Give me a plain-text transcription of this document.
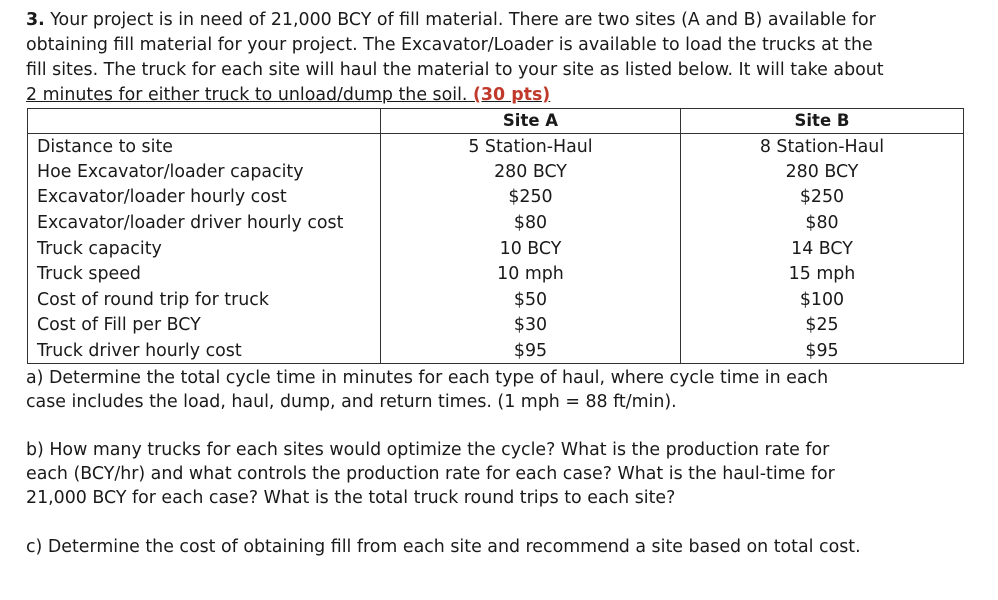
3. Your project is in need of 21,000 BCY of fill material. There are two sites (A and B) available for
obtaining fill material for your project. The Excavator/Loader is available to load the trucks at the
fill sites. The truck for each site will haul the material to your site as listed below. It will take about
2 minutes for either truck to unload/dump the soil. (30 pts)

	Site A	Site B
Distance to site	5 Station-Haul	8 Station-Haul
Hoe Excavator/loader capacity	280 BCY	280 BCY
Excavator/loader hourly cost	$250	$250
Excavator/loader driver hourly cost	$80	$80
Truck capacity	10 BCY	14 BCY
Truck speed	10 mph	15 mph
Cost of round trip for truck	$50	$100
Cost of Fill per BCY	$30	$25
Truck driver hourly cost	$95	$95

a) Determine the total cycle time in minutes for each type of haul, where cycle time in each
case includes the load, haul, dump, and return times. (1 mph = 88 ft/min).

b) How many trucks for each sites would optimize the cycle? What is the production rate for
each (BCY/hr) and what controls the production rate for each case? What is the haul-time for
21,000 BCY for each case? What is the total truck round trips to each site?

c) Determine the cost of obtaining fill from each site and recommend a site based on total cost.
